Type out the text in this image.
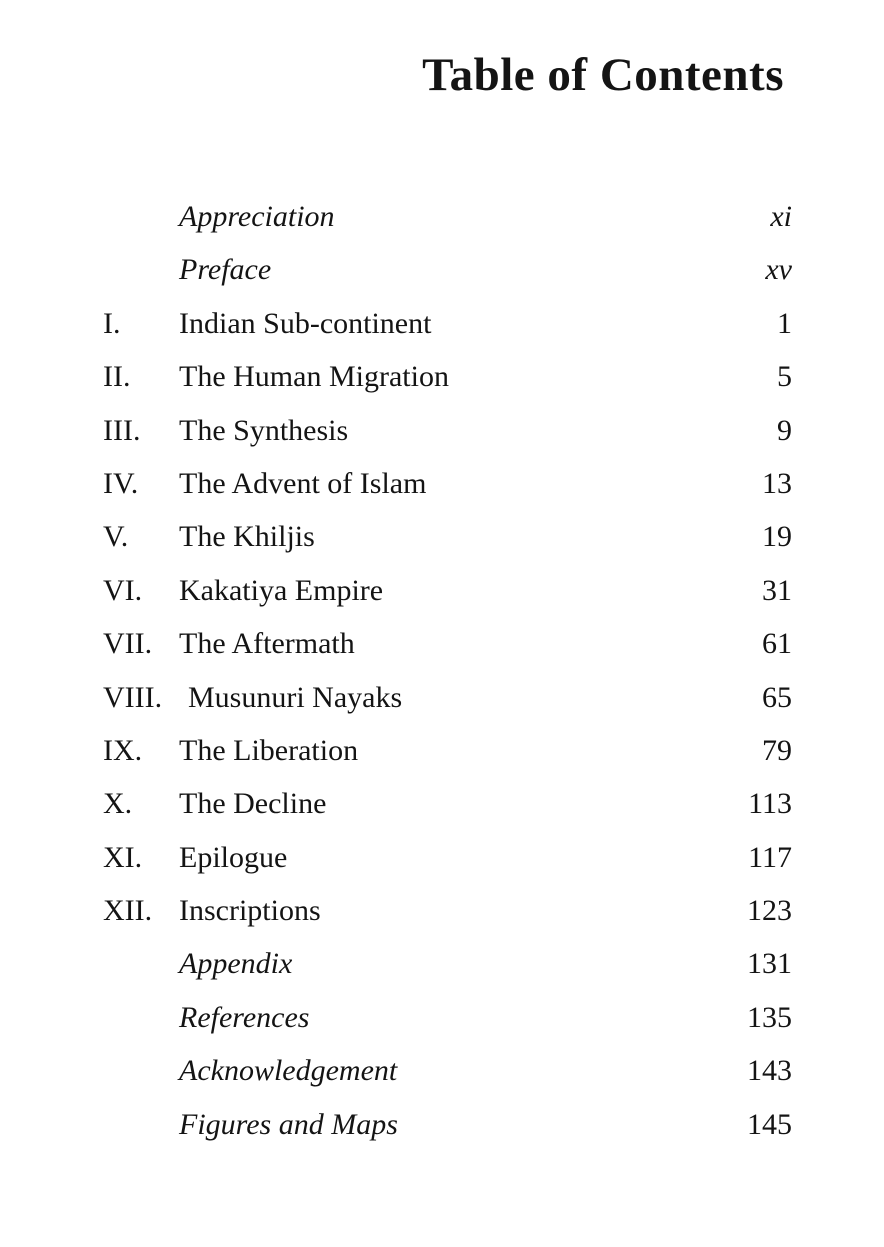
Table of Contents
Appreciation	xi
Preface	xv
I. Indian Sub-continent	1
II. The Human Migration	5
III. The Synthesis	9
IV. The Advent of Islam	13
V. The Khiljis	19
VI. Kakatiya Empire	31
VII. The Aftermath	61
VIII. Musunuri Nayaks	65
IX. The Liberation	79
X. The Decline	113
XI. Epilogue	117
XII. Inscriptions	123
Appendix	131
References	135
Acknowledgement	143
Figures and Maps	145
